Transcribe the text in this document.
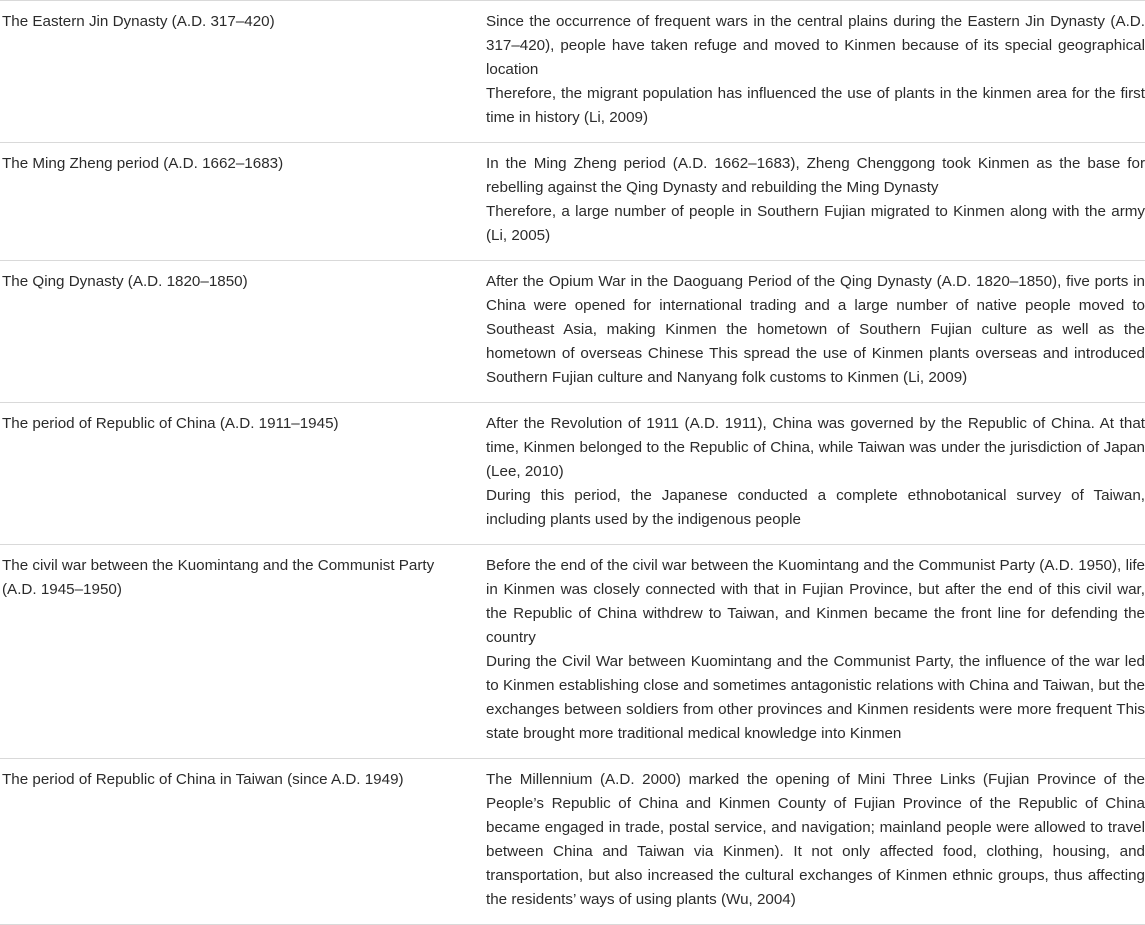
The Eastern Jin Dynasty (A.D. 317–420)	Since the occurrence of frequent wars in the central plains during the Eastern Jin Dynasty (A.D. 317–420), people have taken refuge and moved to Kinmen because of its special geographical location
Therefore, the migrant population has influenced the use of plants in the kinmen area for the first time in history (Li, 2009)

The Ming Zheng period (A.D. 1662–1683)	In the Ming Zheng period (A.D. 1662–1683), Zheng Chenggong took Kinmen as the base for rebelling against the Qing Dynasty and rebuilding the Ming Dynasty
Therefore, a large number of people in Southern Fujian migrated to Kinmen along with the army (Li, 2005)

The Qing Dynasty (A.D. 1820–1850)	After the Opium War in the Daoguang Period of the Qing Dynasty (A.D. 1820–1850), five ports in China were opened for international trading and a large number of native people moved to Southeast Asia, making Kinmen the hometown of Southern Fujian culture as well as the hometown of overseas Chinese This spread the use of Kinmen plants overseas and introduced Southern Fujian culture and Nanyang folk customs to Kinmen (Li, 2009)

The period of Republic of China (A.D. 1911–1945)	After the Revolution of 1911 (A.D. 1911), China was governed by the Republic of China. At that time, Kinmen belonged to the Republic of China, while Taiwan was under the jurisdiction of Japan (Lee, 2010)
During this period, the Japanese conducted a complete ethnobotanical survey of Taiwan, including plants used by the indigenous people

The civil war between the Kuomintang and the Communist Party (A.D. 1945–1950)	Before the end of the civil war between the Kuomintang and the Communist Party (A.D. 1950), life in Kinmen was closely connected with that in Fujian Province, but after the end of this civil war, the Republic of China withdrew to Taiwan, and Kinmen became the front line for defending the country
During the Civil War between Kuomintang and the Communist Party, the influence of the war led to Kinmen establishing close and sometimes antagonistic relations with China and Taiwan, but the exchanges between soldiers from other provinces and Kinmen residents were more frequent This state brought more traditional medical knowledge into Kinmen

The period of Republic of China in Taiwan (since A.D. 1949)	The Millennium (A.D. 2000) marked the opening of Mini Three Links (Fujian Province of the People’s Republic of China and Kinmen County of Fujian Province of the Republic of China became engaged in trade, postal service, and navigation; mainland people were allowed to travel between China and Taiwan via Kinmen). It not only affected food, clothing, housing, and transportation, but also increased the cultural exchanges of Kinmen ethnic groups, thus affecting the residents’ ways of using plants (Wu, 2004)
